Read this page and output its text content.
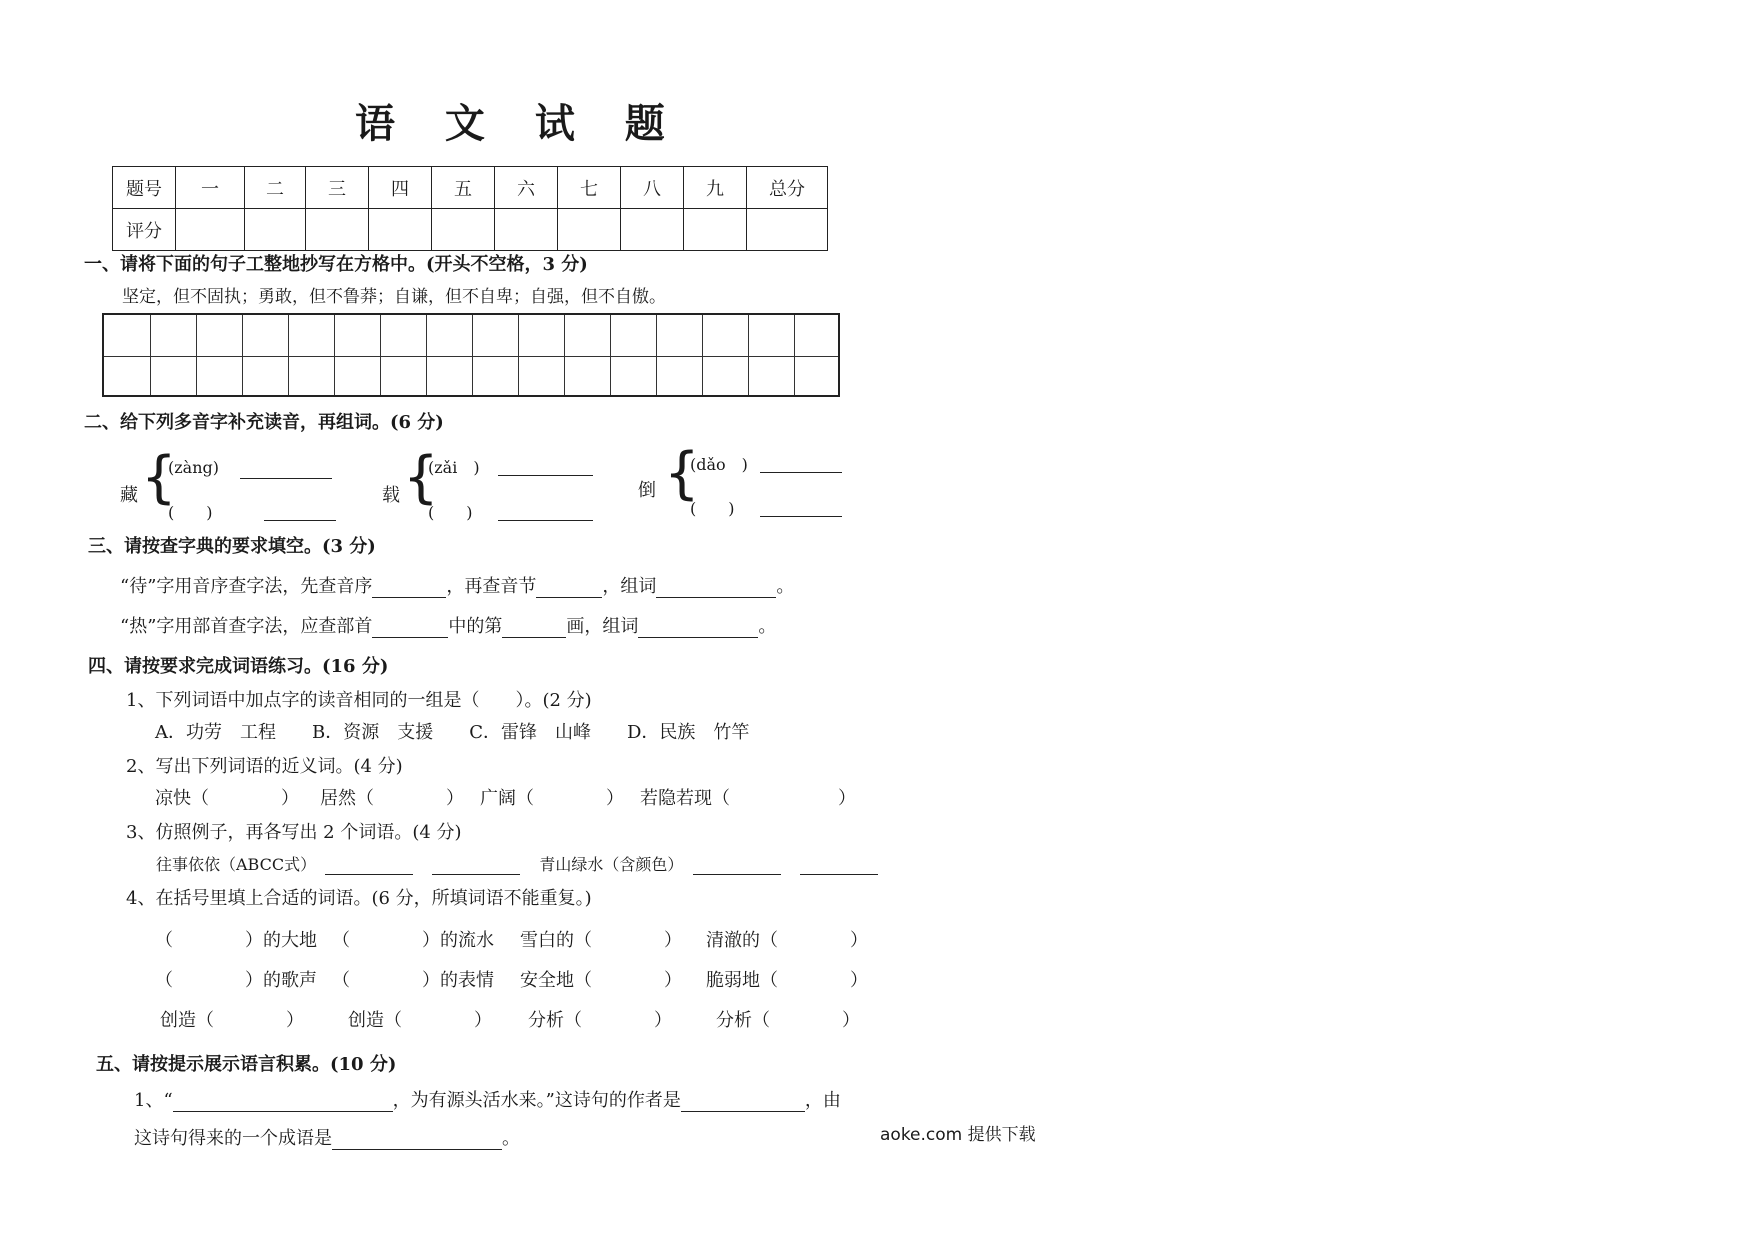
语 文 试 题
题号	一	二	三	四	五	六	七	八	九	总分
评分										
一、请将下面的句子工整地抄写在方格中。(开头不空格，3 分)
坚定，但不固执；勇敢，但不鲁莽；自谦，但不自卑；自强，但不自傲。
二、给下列多音字补充读音，再组词。(6 分)
藏 {
(zàng)
(　　)
载 {
(zǎi　)
(　　)
倒 {
(dǎo　)
(　　)
三、请按查字典的要求填空。(3 分)
“待”字用音序查字法，先查音序	，再查音节	，组词	。
“热”字用部首查字法，应查部首	中的第	画，组词	。
四、请按要求完成词语练习。(16 分)
1、下列词语中加点字的读音相同的一组是（　　）。(2 分)
A．功劳　工程　　B．资源　支援　　C．雷锋　山峰　　D．民族　竹竿
2、写出下列词语的近义词。(4 分)
凉快（　　　　） 居然（　　　　） 广阔（　　　　） 若隐若现（　　　　　　）
3、仿照例子，再各写出 2 个词语。(4 分)
往事依依（ABCC式）	青山绿水（含颜色）
4、在括号里填上合适的词语。(6 分，所填词语不能重复。)
（　　　　）的大地 （　　　　）的流水 雪白的（　　　　） 清澈的（　　　　）
（　　　　）的歌声 （　　　　）的表情 安全地（　　　　） 脆弱地（　　　　）
创造（　　　　） 创造（　　　　） 分析（　　　　） 分析（　　　　）
五、请按提示展示语言积累。(10 分)
1、“	，为有源头活水来。”这诗句的作者是	，由
这诗句得来的一个成语是	。	aoke.com 提供下载
